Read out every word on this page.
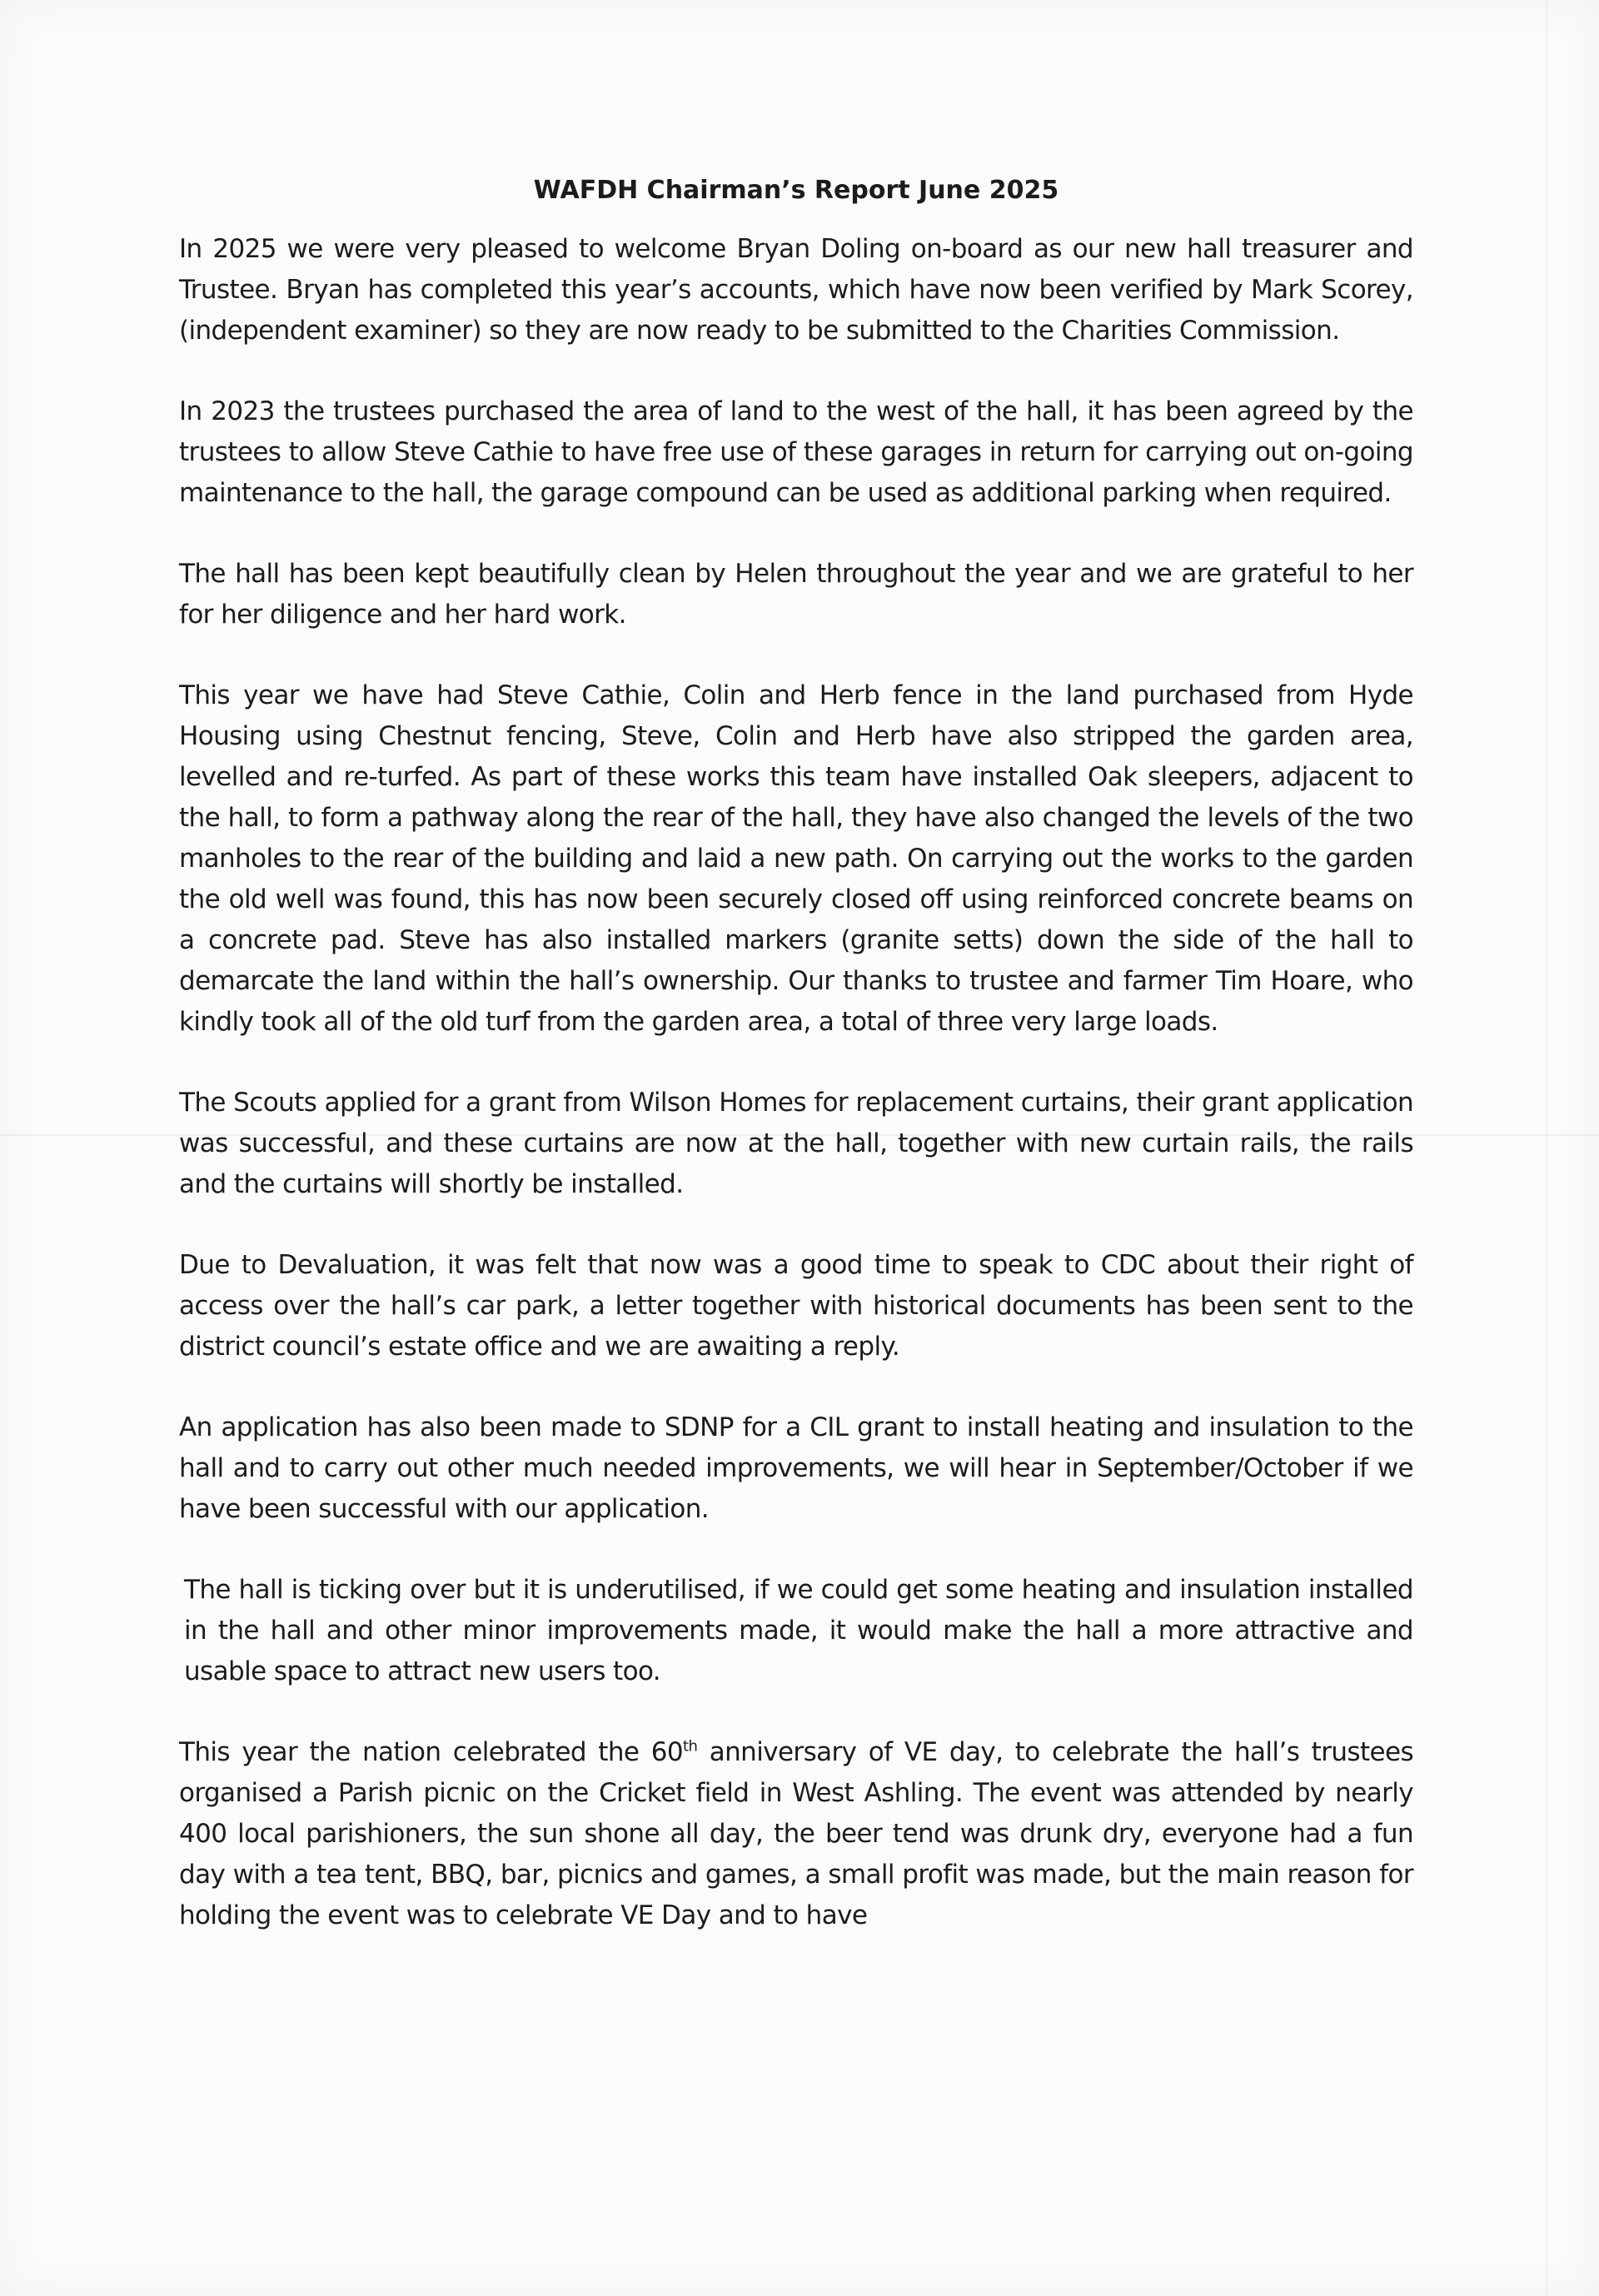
WAFDH Chairman’s Report June 2025

In 2025 we were very pleased to welcome Bryan Doling on-board as our new hall treasurer and Trustee. Bryan has completed this year’s accounts, which have now been verified by Mark Scorey, (independent examiner) so they are now ready to be submitted to the Charities Commission.

In 2023 the trustees purchased the area of land to the west of the hall, it has been agreed by the trustees to allow Steve Cathie to have free use of these garages in return for carrying out on-going maintenance to the hall, the garage compound can be used as additional parking when required.

The hall has been kept beautifully clean by Helen throughout the year and we are grateful to her for her diligence and her hard work.

This year we have had Steve Cathie, Colin and Herb fence in the land purchased from Hyde Housing using Chestnut fencing, Steve, Colin and Herb have also stripped the garden area, levelled and re-turfed. As part of these works this team have installed Oak sleepers, adjacent to the hall, to form a pathway along the rear of the hall, they have also changed the levels of the two manholes to the rear of the building and laid a new path. On carrying out the works to the garden the old well was found, this has now been securely closed off using reinforced concrete beams on a concrete pad. Steve has also installed markers (granite setts) down the side of the hall to demarcate the land within the hall’s ownership. Our thanks to trustee and farmer Tim Hoare, who kindly took all of the old turf from the garden area, a total of three very large loads.

The Scouts applied for a grant from Wilson Homes for replacement curtains, their grant application was successful, and these curtains are now at the hall, together with new curtain rails, the rails and the curtains will shortly be installed.

Due to Devaluation, it was felt that now was a good time to speak to CDC about their right of access over the hall’s car park, a letter together with historical documents has been sent to the district council’s estate office and we are awaiting a reply.

An application has also been made to SDNP for a CIL grant to install heating and insulation to the hall and to carry out other much needed improvements, we will hear in September/October if we have been successful with our application.

The hall is ticking over but it is underutilised, if we could get some heating and insulation installed in the hall and other minor improvements made, it would make the hall a more attractive and usable space to attract new users too.

This year the nation celebrated the 60th anniversary of VE day, to celebrate the hall’s trustees organised a Parish picnic on the Cricket field in West Ashling. The event was attended by nearly 400 local parishioners, the sun shone all day, the beer tend was drunk dry, everyone had a fun day with a tea tent, BBQ, bar, picnics and games, a small profit was made, but the main reason for holding the event was to celebrate VE Day and to have
